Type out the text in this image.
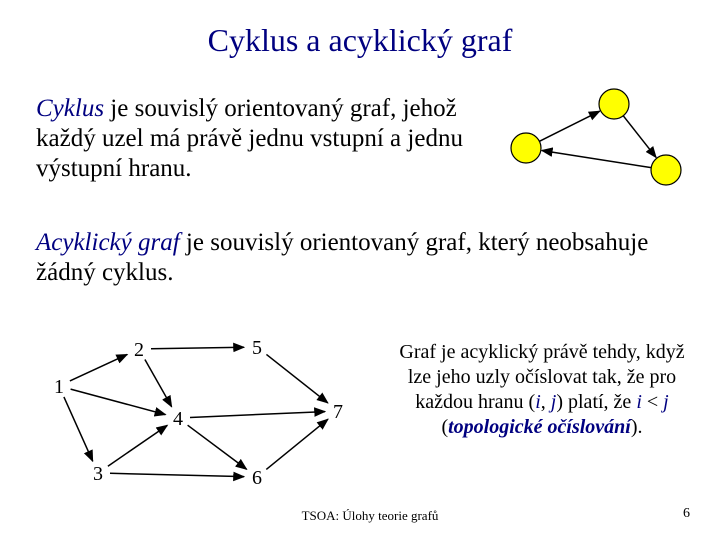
Cyklus a acyklický graf
Cyklus je souvislý orientovaný graf, jehož každý uzel má právě jednu vstupní a jednu výstupní hranu.
Acyklický graf je souvislý orientovaný graf, který neobsahuje žádný cyklus.
1
2
3
4
5
6
7
Graf je acyklický právě tehdy, když lze jeho uzly očíslovat tak, že pro každou hranu (i, j) platí, že i < j (topologické očíslování).
TSOA: Úlohy teorie grafů	6
